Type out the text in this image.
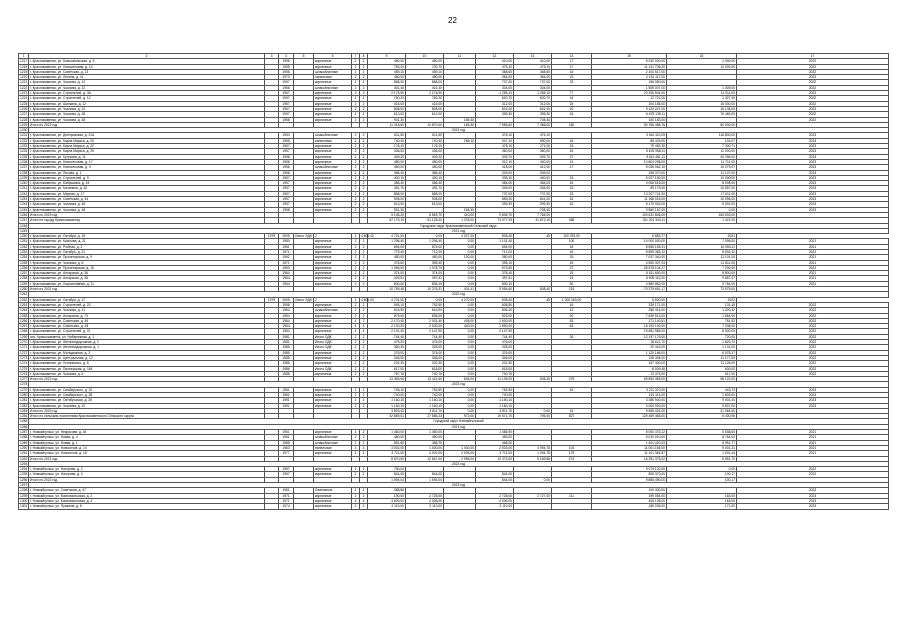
22
1	2	3	4	5	6	7	8	9	10	11	12	13	14	15	16	17
1217	г. Краснокаменск, ул. Комсомольская, д. 5		1996		кирпичные	2	2	480,00	480,00		410,00	410,00	17	5 030 000,00	1 000,00	2022
1218	г. Краснокаменск, ул. Новоселовая, д. 14		1955		кирпичные	2	2	753,20	720,70		475,10	475,10	17	11 141 706,20	11 000,00	2022
1219	г. Краснокаменск, ул. Советская, д. 13		1956		шлакоблочные	2	2	459,10	459,10		368,60	368,60	16	2 104 517,00		2022
1220	г. Краснокаменск, ул. Ленина, д. 11		1973		панельные	2	2	480,00	480,00		364,00	364,00	23	2 151 117,00		2022
1221	г. Краснокаменск, ул. Чкалова, д. 12		1957		кирпичные	2	2	868,00	868,00		737,00	737,00	23	196 050,00		2022
1222	г. Краснокаменск, ул. Чкалова, д. 22		1956		шлакоблочные	2	2	401,40	401,40		304,00	304,00		1 509 007,00	1 409,00	2022
1223	г. Краснокаменск, ул. Строителей, д. 3А		1957		кирпичные	3	3	2 176,90	2 176,90		1 285,10	1 285,10	77	20 290 544,00	11 011,00	2022
1224	г. Краснокаменск, ул. Строителей, д. 12		1957		кирпичные	2	2	760,20	760,20		620,70	620,70	16	12 721,00	1 027,00	2022
1225	г. Краснокаменск, ул. Шилкина, д. 12		1957		кирпичные	2	2	415,00	415,00		312,00	312,00	15	194 185,00	15 000,00	2022
1226	г. Краснокаменск, ул. Чкалова, д. 22		1957		кирпичные	2	2	808,00	808,00		601,00	601,00	20	9 120 247,00	16 136,00	2022
1227	г. Краснокаменск, ул. Чкалова, д. 28		1957		кирпичные	2	2	613,00	613,00		399,30	399,30	16	6 675 135,11	76 460,00	2022
1228	г. Краснокаменск, ул. Чкалова, д. 48		1958		кирпичные	2	2	901,30		165,30		708,40		100 183,00		2022
1229	Итого по 2022 год							11 318,60	10 870,00	165,30	7 585,62	7 465,00	180	50 756 486,76	80 000,00	
1230	2023 год															
1231	г. Краснокаменск, ул. Днепровская, д. 21А		1954		шлакоблочные	2	2	611,50	611,50		476,10	476,10		3 461 110,09	118 800,00	2023
1232	г. Краснокаменск, ул. Карла Маркса, д. 20		1955		панельные	2	2	740,40	740,40	256,10	947,10	690,00	16	88 429,00	103,07	2023
1233	г. Краснокаменск, ул. Карла Маркса, д. 22		1957		кирпичные	2	2	176,10	176,10		478,10	271,00	15	79 452,30	7 300,71	2023
1234	г. Краснокаменск, ул. Карла Маркса, д. 29		1957		кирпичные	2	2	436,00	436,00		360,00	360,00	16	5 676 958,11	11 000,00	2023
1235	г. Краснокаменск, ул. Кутузова, д. 11		1996		кирпичные	2	2	409,20	409,20		309,70	309,70	27	9 611 461,11	40 296,00	2023
1236	г. Краснокаменск, ул. Новоселовая, д. 17		1956		кирпичные	2	2	480,00	480,00		312,10	440,00	14	10 804 298,00	11 711,00	2023
1237	г. Краснокаменск, ул. Новоселовая, д. 3		1956		шлакоблочные	2	2	450,00	450,00		418,00	412,00	17	5 036 062,10	10 279,07	2023
1238	г. Краснокаменск, ул. Лесная, д. 1		1956		кирпичные	2	2	386,40	386,40		339,00	339,00		196 370,00	11 107,00	2023
1239	г. Краснокаменск, ул. Строителей, д. 9		1957		кирпичные	2	2	400,10	400,10		335,40	400,00	15	5 027 150,00	10 000,00	2023
1240	г. Краснокаменск, ул. Бабушкина, д. 15		1957		кирпичные	2	2	386,40	386,40		384,00	384,00	16	3 006 616,00	8 008,00	2023
1241	г. Краснокаменск, ул. Калинина, д. 42		1957		кирпичные	2	2	491,70	491,70		345,00	345,00	15	89 179,00	10 557,00	2023
1242	г. Краснокаменск, ул. Мирная, д. 17		1957		кирпичные	2	2	868,00	868,00		737,00	737,00	23	13 207 741,00	17 611,00	2023
1243	г. Краснокаменск, ул. Советская, д. 44		1957		кирпичные	2	2	908,00	908,00		859,20	841,00	16	11 168 016,00	10 096,00	2023
1244	г. Краснокаменск, ул. Чкалова, д. 48		1957		кирпичные	2	2	613,00	613,00		399,30	399,30	16	5 170 902,00	9 001,00	2023
1245	г. Краснокаменск, ул. Чкалова, д. 48		1958		кирпичные	2	2	901,30		165,30		708,40		9 860 167,00	0,00	2023
1246	Итого по 2023 год							9 108,20	8 563,70	410,00	9 605,70	7 764,00		100 631 846,00	164 903,00	
1247	Итого по городу Краснокаменску							67 175,19	61 125,00	1 378,00	74 077,29	41 872,10	458	311 001 340,11	1 421,00	
1248	Городское округ Краснокаменский Сельский округ															
1249	2021 год															
1250	г. Краснокаменск, ул. Октября, д. 15	1975	2005	Иного ОДК	2	1	4 801,42	4 701,00	0,00	4 327,00	508,40	45	100 783,00	6 883,77	2021	
1251	г. Краснокаменск, ул. Крылова, д. 21		1980		кирпичные	2	2	1 296,40	1 296,40	0,00	1 101,40		100	14 000 000,00	7 096,00	2021
1252	г. Краснокаменск, ул. Рыбная, д. 2		1961		кирпичные	2	2	894,00	876,00	0,00	694,00		16	5 655 155,31	10 053,11	2021
1253	г. Краснокаменск, ул. Октябрь, д. 21		1971		кирпичные	2	2	775,40	712,00	0,00	712,00		16	5 699 383,12	8 531,42	2021
1254	г. Краснокаменск, ул. Пролетарская, д. 9		1962		кирпичные	2	2	480,00	480,00	100,00	380,00		15	7 037 340,00	11 101,00	2021
1255	г. Краснокаменск, ул. Чкалова, д. 6		1971		кирпичные	2	2	376,60	395,40	0,00	395,10		15	4 500 307,03	11 811,00	2021
1256	г. Краснокаменск, ул. Пролетарская, д. 15		1963		кирпичные	2	2	1 056,00	1 078,70	0,00	573,60		27	25 575 104,27	7 030,00	2021
1257	г. Краснокаменск, ул. Ангарская, д. 36		1964		кирпичные	2	2	374,00	374,00	0,00	378,40		15	5 511 650,00	8 800,00	2021
1258	г. Краснокаменск, ул. Ангарская, д. 38		1964		кирпичные	2	2	429,51	397,51	0,00	397,51		15	5 905 110,00	9 857,07	2021
1259	г. Краснокаменск, ул. Локомотивная, д. 11		1964		кирпичные	2	2	830,00	836,10	0,00	830,10		30	4 580 862,00	9 764,00	2021
1260	Итого по 2021 год							10 759,48	10 276,31	401,41	9 954,60	508,40	215	70 379 651,17	73 979,00	
1261	2022 год															
1262	г. Краснокаменск, ул. Октября, д. 17	1975	2005	Иного ОДК	2	1	4 801,00	4 701,00	0,00	4 270,00	508,40	45	1 000 000,00	6 500,00	2022	
1263	г. Краснокаменск, ул. Строителей, д. 23		1958		кирпичные	2	2	945,10	752,50	0,00	608,50		16	335 171,00	131,45	2022
1264	г. Краснокаменск, ул. Чкалова, д. 21		1964		шлакоблочные	2	2	616,90	616,90	0,00	506,40		12	256 414,00	1 000,42	2022
1265	г. Краснокаменск, ул. Ангарская, д. 73		1964		кирпичные	2	2	876,00	836,00	0,00	523,00		20	7 839 513,00	1 664,00	2022
1266	г. Краснокаменск, ул. Советская, д. 49		1964		кирпичные	4	2	2 170,40	2 001,40	405,00	1 600,00		63	171 140,51	761,92	2022
1267	г. Краснокаменск, ул. Советская, д. 28		1964		кирпичные	4	4	2 130,00	2 030,00	440,00	1 590,00		63	16 193 100,00	7 036,00	2022
1268	г. Краснокаменск, ул. Строителей, д. 21		1964		кирпичные	4	4	2 191,40	2 147,90	0,00	2 147,90			19 681 985,00	8 500,00	2022
1269	пос. Краснокаменск, ул. Набережная, д. 1		1981		Иного ОДК	2	2	744,40	744,40	0,00	744,40		26	12 197 176,00	720,00	2022
1270	г. Краснокаменск, ул. Железнодорожная, д. 2		1981		Иного ОДК	2	2	475,00	476,00	0,00	476,00			30 611,70	1 620,73	2022
1271	г. Краснокаменск, ул. Железнодорожная, д. 1		1985		Иного ОДК	2	2	360,30	328,00	0,00	328,00			20 443,00	1 131,00	2022
1272	г. Краснокаменск, ул. Молодежная, д. 3		1985		кирпичные	2	2	376,00	376,00	0,00	376,00			1 120 166,00	6 078,17	2022
1273	г. Краснокаменск, ул. Центральная, д. 12		1985		кирпичные	2	2	346,00	346,00	0,00	346,00			135 405,00	11 177,00	2022
1274	г. Краснокаменск, ул. Устьевского, д. 6		1986		кирпичные	2	2	202,30	202,30	0,00	202,30			167 400,00	11 126,00	2022
1275	г. Краснокаменск, ул. Пионерская, д. 164		1986		Иного ОДК	2	2	617,00	618,00	0,00	618,00			8 009,48	600,00	2022
1276	г. Краснокаменск, ул. Чкалова, д. 6		1986		кирпичные	2	2	767,76	740,76	0,00	740,76			12 479,00	617,00	2022
1277	Итого по 2022 год							13 383,06	13 421,60	845,00	11 135,00	508,40	279	69 894 465,00	98 122,00	
1278	2023 год															
1279	г. Краснокаменск, ул. Симбирского, д. 22		1961		кирпичные	2	2	745,10	752,50	0,00	752,50		16	3 211 370,00	443,73	2023
1280	г. Краснокаменск, ул. Симбирского, д. 28		1962		кирпичные	2	2	740,00	740,00	0,00	740,00			161 114,00	1 803,00	2023
1281	г. Краснокаменск, ул. Октябрьская, д. 25		1991		кирпичные	2	2	1 160,10	1 160,10	0,00	1 160,10			3 286 940,00	9 001,44	2023
1282	г. Краснокаменск, ул. Чкалова, д. 10		1991		кирпичные	2	2	1 160,10	1 160,10	0,00	1 160,10			3 000 000,00	9 807,00	2023
1283	Итого по 2023 год							3 803,40	3 811,70	0,00	3 811,70	0,00	16	9 659 424,00	21 064,00	
1284	Итого по сельским поселениям Краснокаменского Сельского округа							32 889,51	27 585,23	972,00	19 571,70	795,40	827	129 469 465,00	6 400,96	
1285	Городской округ Новоайгульский															
1286	2021 год															
1287	г. Новоайгульск, ул. Некрасова, д. 44		1961		кирпичные	4	2	1 460,00	1 460,00		1 086,90			5 000 375,12	5 538,64	2021
1288	г. Новоайгульск, ул. Новая, д. 4		1961		шлакоблочные	2	2	480,00	480,00		483,00			5 010 010,00	8 764,00	2021
1289	г. Новоайгульск, ул. Новая, д. 1		1985		шлакоблочные	2	2	851,80	468,70		468,00			1 401 420,03	8 951,77	2021
1290	г. Новоайгульск, ул. Новоселов, д. 14		1963		панельные	4	4	3 002,00	1 000,00	1 000,00	2 003,00	4 094,78	104	11 001 165,00	9 001,31	2021
1291	г. Новоайгульск, ул. Новоселов, д. 16		1977		кирпичные	4	4	4 711,00	4 001,00	2 005,00	4 711,00	1 094,78	170	11 101 364,87	1 001,44	2021
1292	Итого по 2021 год							8 870,00	12 847,00	2 995,00	13 373,00	5 189,56	274	16 251 375,02	6 551,70	
1293	2022 год															
1294	г. Новоайгульск, ул. Нагорная, д. 2		1957		кирпичные	2	2	750,04						9 079 120,00	0,00	2022
1295	г. Новоайгульск, ул. Нагорная, д. 4		1957		кирпичные	2	2	844,00	844,00		844,00			806 370,00	100,17	2022
1296	Итого по 2022 год							1 594,04	1 594,04		844,00	0,00		9 885 490,00	100,17	
1297	2023 год															
1298	г. Новоайгульск, ул. Советская, д. 47		1961		Панельные	2	2	388,86						100 400,00		2023
1299	г. Новоайгульск, ул. Комсомольская, д. 2		1971		кирпичные	2	2	190,00	2 728,00		2 728,00	2 727,00	111	199 054,00	163,00	2023
1300	г. Новоайгульск, ул. Комсомольская, д. 4		1971		кирпичные	4	4	4 600,00	4 006,00		4 006,00			405 138,00	163,00	2023
1301	г. Новоайгульск, ул. Пушкина, д. 6		1974		кирпичные	2	2	2 110,00	2 110,00		2 110,00			165 036,00	171,00	2023
